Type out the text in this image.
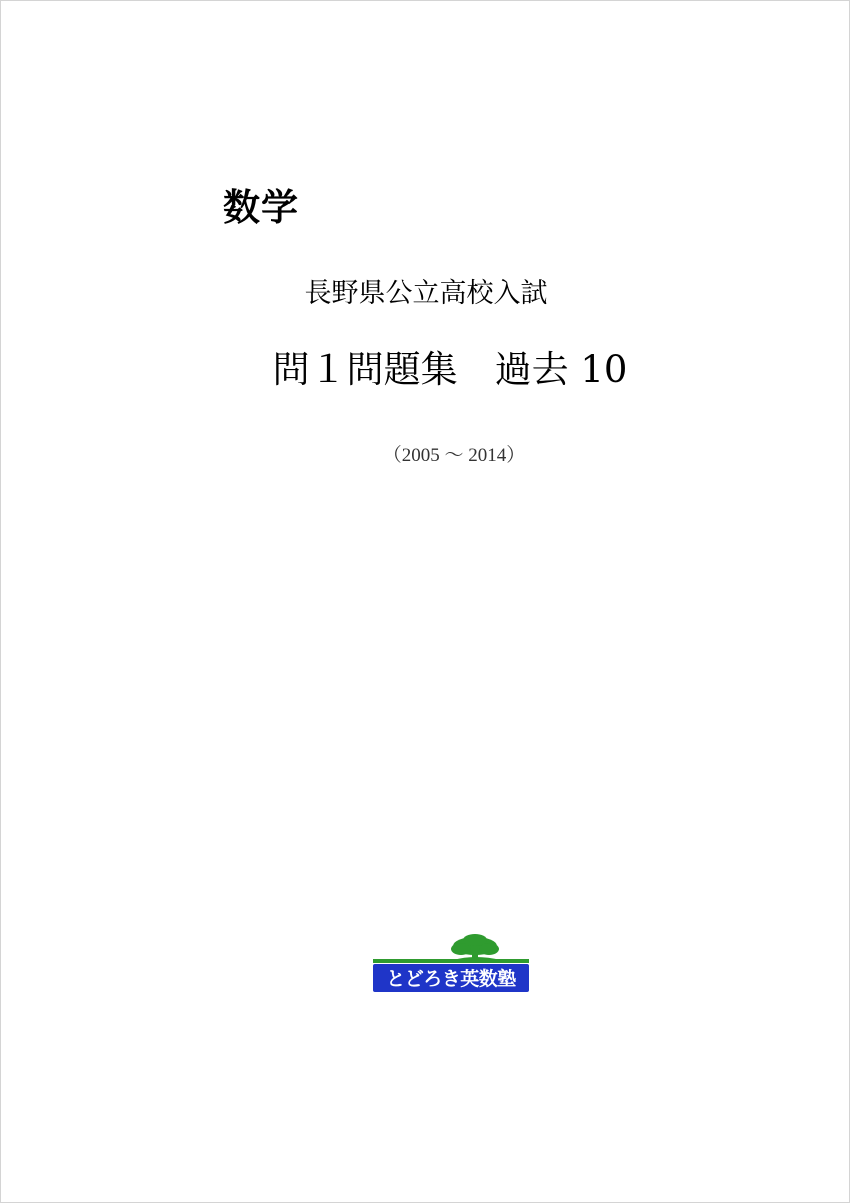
数学
長野県公立高校入試
問１問題集　過去 10
（2005 ～ 2014）
とどろき英数塾
